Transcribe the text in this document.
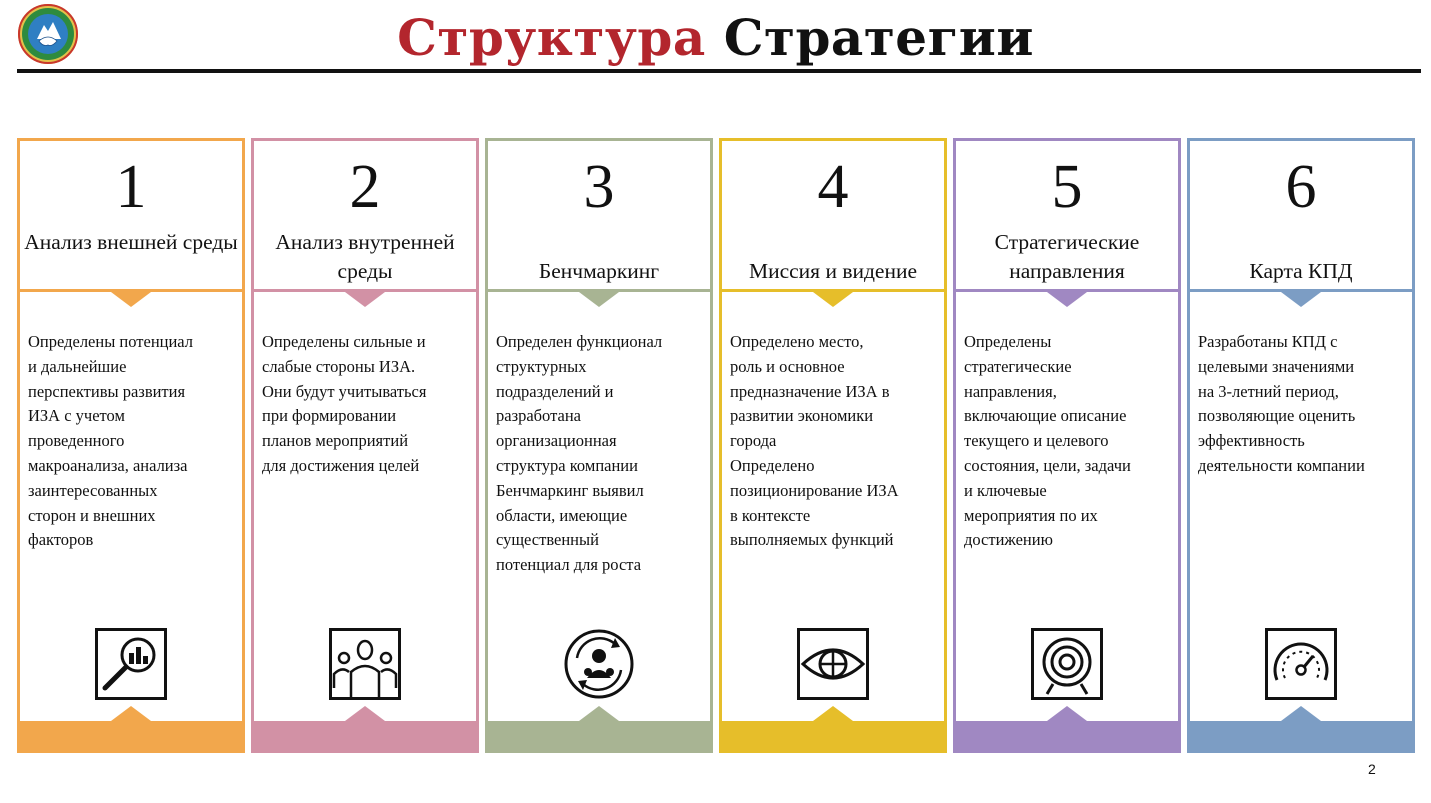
Структура Стратегии
1
Анализ внешней среды
Определены потенциал
и дальнейшие
перспективы развития
ИЗА с учетом
проведенного
макроанализа, анализа
заинтересованных
сторон и внешних
факторов
2
Анализ внутренней среды
Определены сильные и
слабые стороны ИЗА.
Они будут учитываться
при формировании
планов мероприятий
для достижения целей
3
Бенчмаркинг
Определен функционал
структурных
подразделений и
разработана
организационная
структура компании
Бенчмаркинг выявил
области, имеющие
существенный
потенциал для роста
4
Миссия и видение
Определено место,
роль и основное
предназначение ИЗА в
развитии экономики
города
Определено
позиционирование ИЗА
в контексте
выполняемых функций
5
Стратегические направления
Определены
стратегические
направления,
включающие описание
текущего и целевого
состояния, цели, задачи
и ключевые
мероприятия по их
достижению
6
Карта КПД
Разработаны КПД с
целевыми значениями
на 3-летний период,
позволяющие оценить
эффективность
деятельности компании
2
